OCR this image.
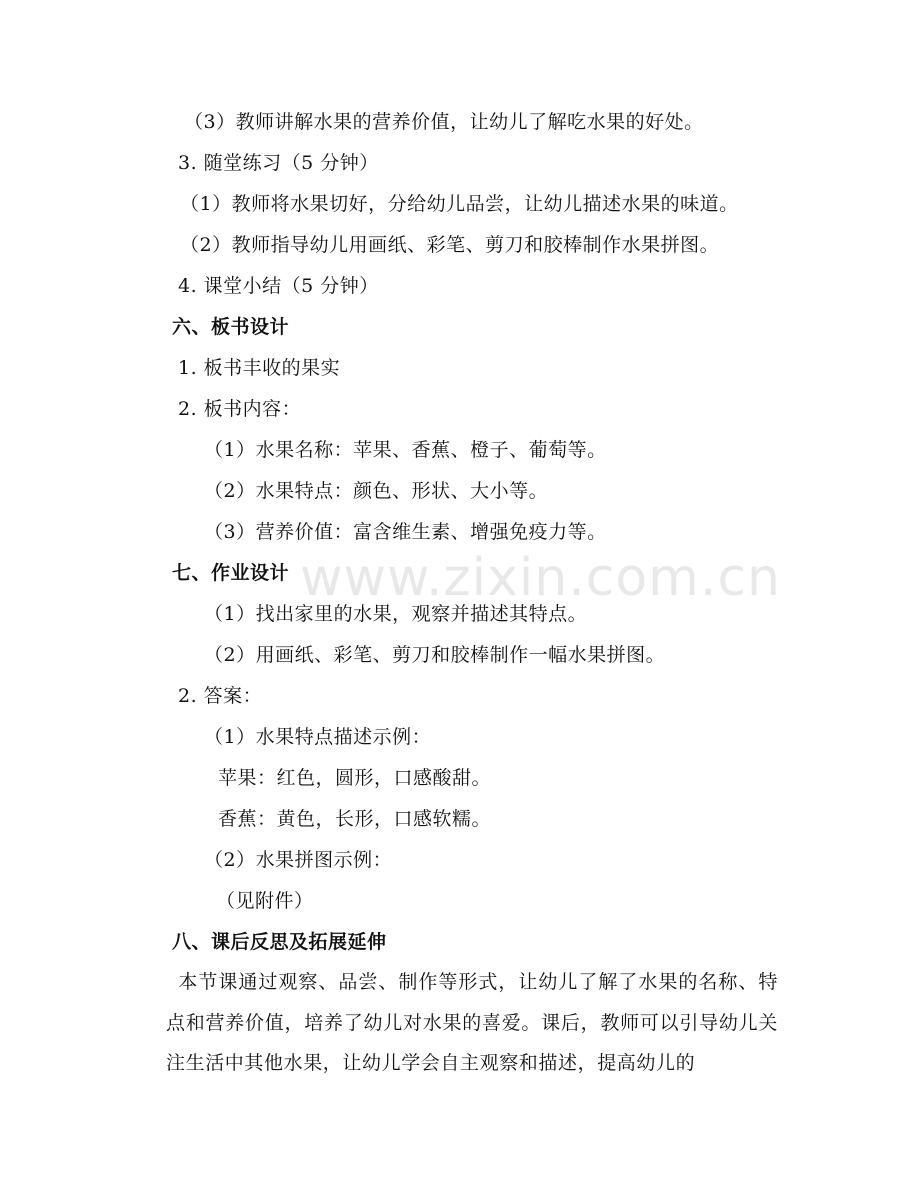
（3）教师讲解水果的营养价值，让幼儿了解吃水果的好处。
3. 随堂练习（5 分钟）
（1）教师将水果切好，分给幼儿品尝，让幼儿描述水果的味道。
（2）教师指导幼儿用画纸、彩笔、剪刀和胶棒制作水果拼图。
4. 课堂小结（5 分钟）
六、板书设计
1. 板书丰收的果实
2. 板书内容：
（1）水果名称：苹果、香蕉、橙子、葡萄等。
（2）水果特点：颜色、形状、大小等。
（3）营养价值：富含维生素、增强免疫力等。
七、作业设计
（1）找出家里的水果，观察并描述其特点。
（2）用画纸、彩笔、剪刀和胶棒制作一幅水果拼图。
2. 答案：
（1）水果特点描述示例：
苹果：红色，圆形，口感酸甜。
香蕉：黄色，长形，口感软糯。
（2）水果拼图示例：
（见附件）
八、课后反思及拓展延伸
本节课通过观察、品尝、制作等形式，让幼儿了解了水果的名称、特点和营养价值，培养了幼儿对水果的喜爱。课后，教师可以引导幼儿关注生活中其他水果，让幼儿学会自主观察和描述，提高幼儿的
www.zixin.com.cn
